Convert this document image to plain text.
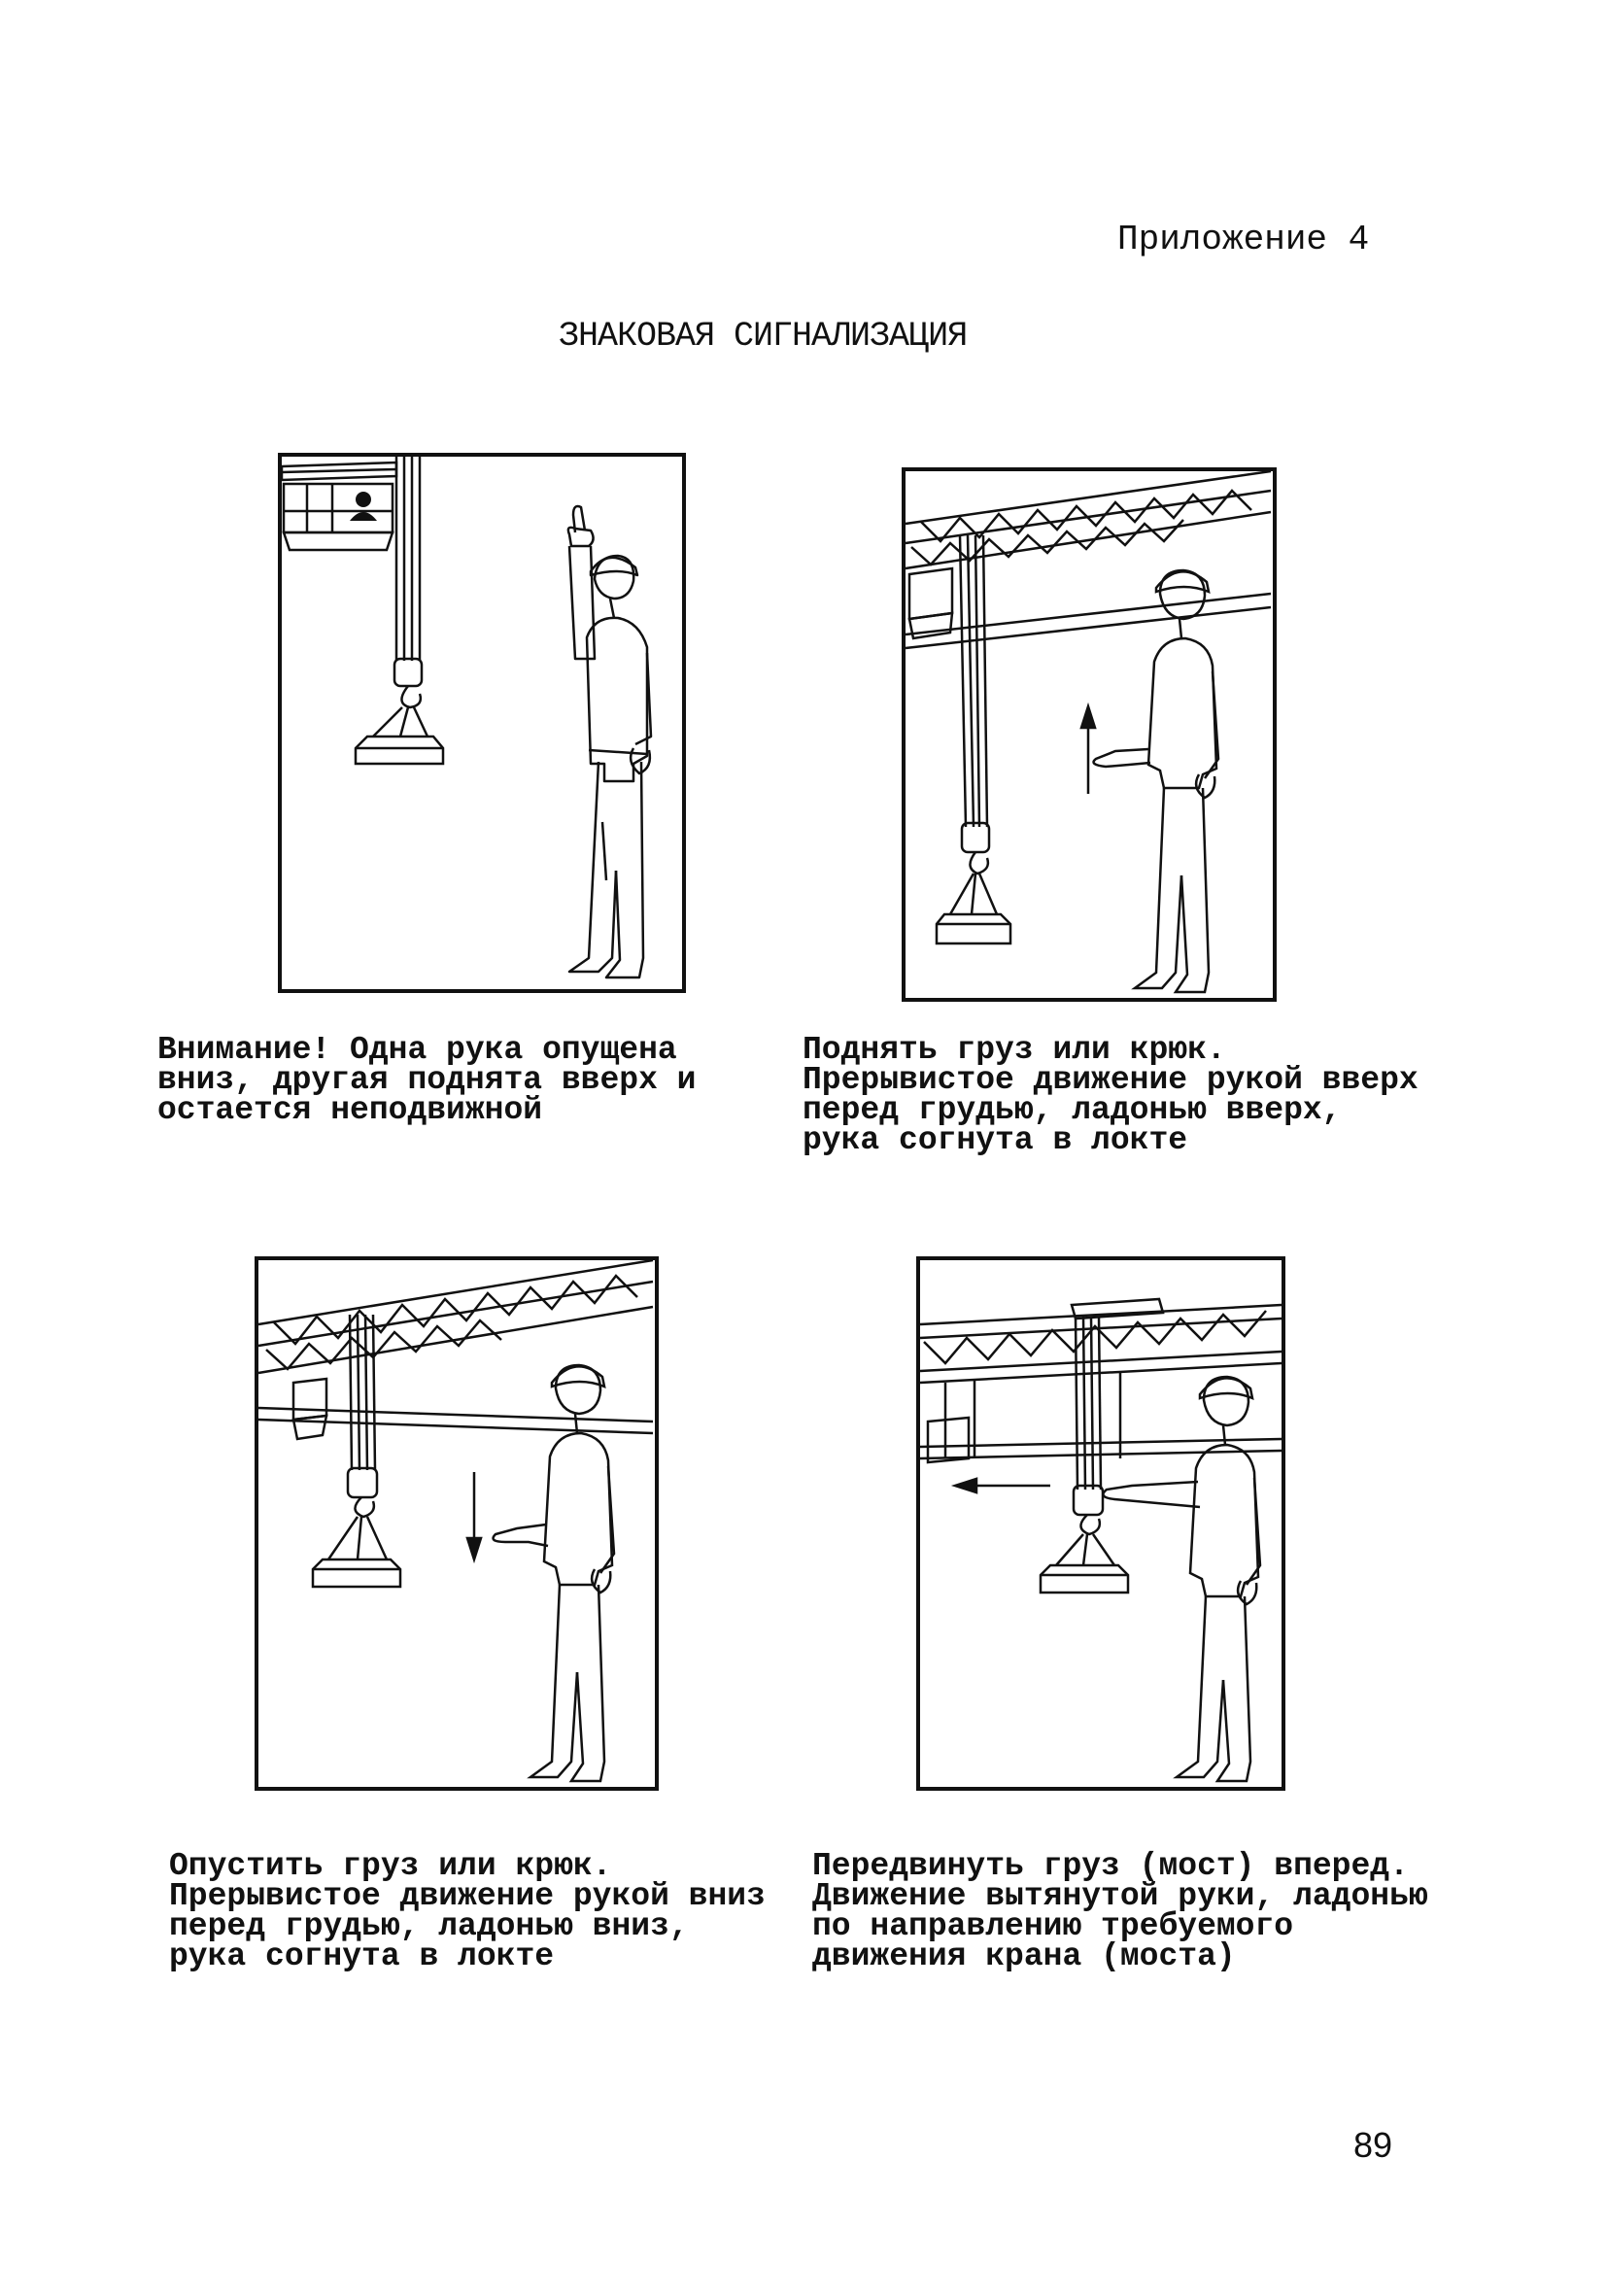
Приложение 4
ЗНАКОВАЯ СИГНАЛИЗАЦИЯ
Внимание! Одна рука опущена
вниз, другая поднята вверх и
остается неподвижной
Поднять груз или крюк. Прерывистое движение рукой вверх перед грудью, ладонью вверх, рука согнута в локте
Опустить груз или крюк. Прерывистое движение рукой вниз перед грудью, ладонью вниз, рука согнута в локте
Передвинуть груз (мост) вперед. Движение вытянутой руки, ладонью по направлению требуемого движения крана (моста)
89
